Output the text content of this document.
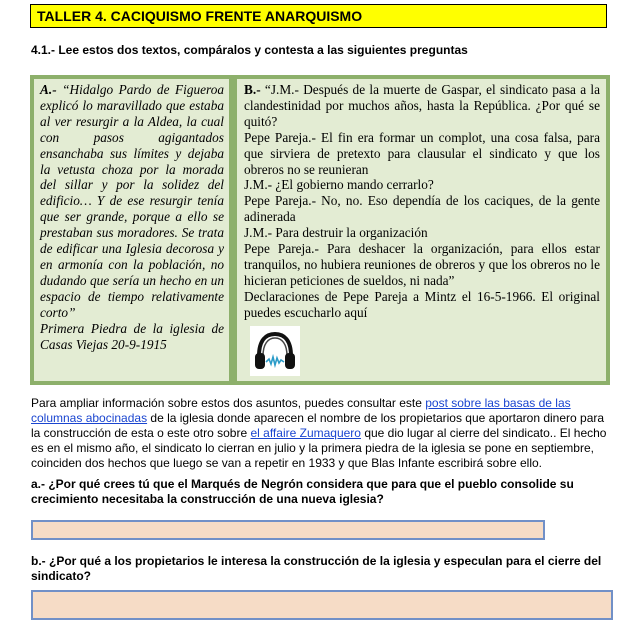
TALLER 4. CACIQUISMO FRENTE ANARQUISMO
4.1.- Lee estos dos textos, compáralos y contesta a las siguientes preguntas

A.- “Hidalgo Pardo de Figueroa explicó lo maravillado que estaba al ver resurgir a la Aldea, la cual con pasos agigantados ensanchaba sus límites y dejaba la vetusta choza por la morada del sillar y por la solidez del edificio… Y de ese resurgir tenía que ser grande, porque a ello se prestaban sus moradores. Se trata de edificar una Iglesia decorosa y en armonía con la población, no dudando que sería un hecho en un espacio de tiempo relativamente corto”
Primera Piedra de la iglesia de Casas Viejas 20-9-1915

B.- “J.M.- Después de la muerte de Gaspar, el sindicato pasa a la clandestinidad por muchos años, hasta la República. ¿Por qué se quitó?

Pepe Pareja.- El fin era formar un complot, una cosa falsa, para que sirviera de pretexto para clausular el sindicato y que los obreros no se reunieran

J.M.- ¿El gobierno mando cerrarlo?

Pepe Pareja.- No, no. Eso dependía de los caciques, de la gente adinerada

J.M.- Para destruir la organización

Pepe Pareja.- Para deshacer la organización, para ellos estar tranquilos, no hubiera reuniones de obreros y que los obreros no le hicieran peticiones de sueldos, ni nada”

Declaraciones de Pepe Pareja a Mintz el 16-5-1966. El original puedes escucharlo aquí

Para ampliar información sobre estos dos asuntos, puedes consultar este post sobre las basas de las columnas abocinadas de la iglesia donde aparecen el nombre de los propietarios que aportaron dinero para la construcción de esta o este otro sobre el affaire Zumaquero que dio lugar al cierre del sindicato.. El hecho es en el mismo año, el sindicato lo cierran en julio y la primera piedra de la iglesia se pone en septiembre, coinciden dos hechos que luego se van a repetir en 1933 y que Blas Infante escribirá sobre ello.

a.- ¿Por qué crees tú que el Marqués de Negrón considera que para que el pueblo consolide su crecimiento necesitaba la construcción de una nueva iglesia?
b.- ¿Por qué a los propietarios le interesa la construcción de la iglesia y especulan para el cierre del sindicato?
